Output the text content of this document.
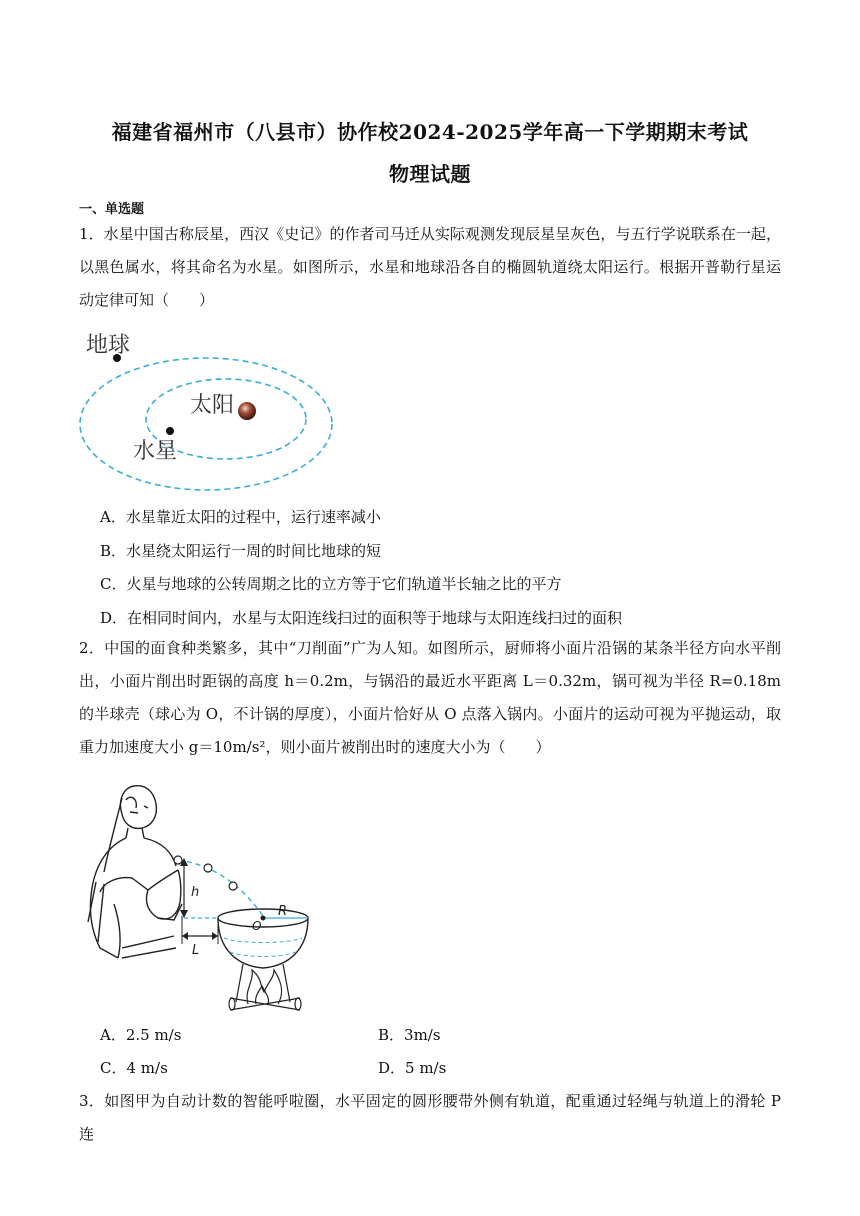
福建省福州市（八县市）协作校2024-2025学年高一下学期期末考试
物理试题
一、单选题

1．水星中国古称辰星，西汉《史记》的作者司马迁从实际观测发现辰星呈灰色，与五行学说联系在一起，以黑色属水，将其命名为水星。如图所示，水星和地球沿各自的椭圆轨道绕太阳运行。根据开普勒行星运动定律可知（　　）

地球
太阳
水星
A．水星靠近太阳的过程中，运行速率减小
B．水星绕太阳运行一周的时间比地球的短
C．火星与地球的公转周期之比的立方等于它们轨道半长轴之比的平方
D．在相同时间内，水星与太阳连线扫过的面积等于地球与太阳连线扫过的面积

2．中国的面食种类繁多，其中“刀削面”广为人知。如图所示，厨师将小面片沿锅的某条半径方向水平削出，小面片削出时距锅的高度 h＝0.2m，与锅沿的最近水平距离 L＝0.32m，锅可视为半径 R=0.18m 的半球壳（球心为 O，不计锅的厚度），小面片恰好从 O 点落入锅内。小面片的运动可视为平抛运动，取重力加速度大小 g＝10m/s²，则小面片被削出时的速度大小为（　　）

h
L
O
R
A．2.5 m/s	B．3m/s
C．4 m/s	D．5 m/s

3．如图甲为自动计数的智能呼啦圈，水平固定的圆形腰带外侧有轨道，配重通过轻绳与轨道上的滑轮 P 连
